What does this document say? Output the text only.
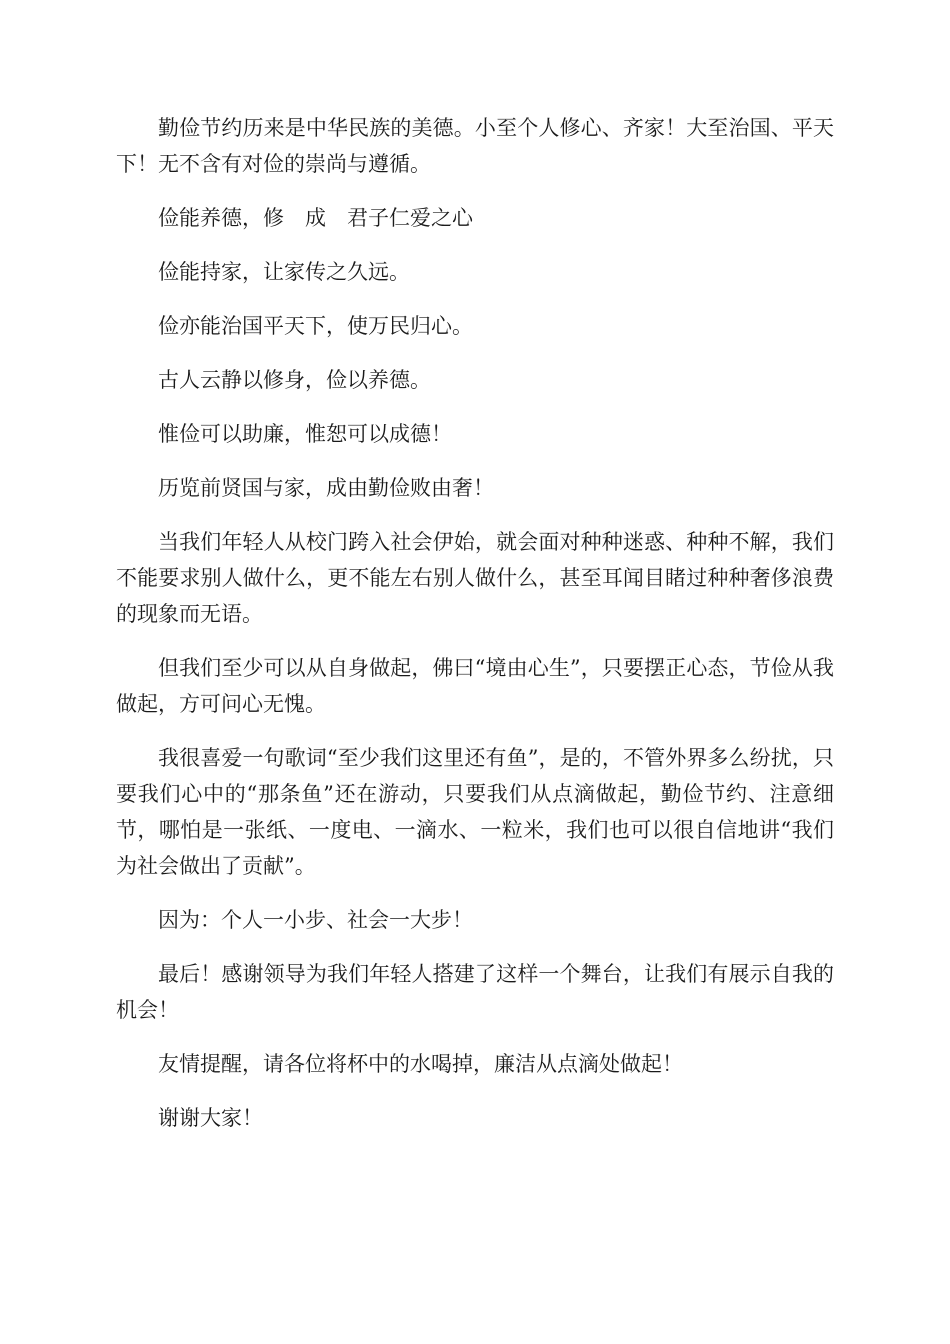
勤俭节约历来是中华民族的美德。小至个人修心、齐家！大至治国、平天下！无不含有对俭的崇尚与遵循。

俭能养德，修　成　君子仁爱之心

俭能持家，让家传之久远。

俭亦能治国平天下，使万民归心。

古人云静以修身，俭以养德。

惟俭可以助廉，惟恕可以成德！

历览前贤国与家，成由勤俭败由奢！

当我们年轻人从校门跨入社会伊始，就会面对种种迷惑、种种不解，我们不能要求别人做什么，更不能左右别人做什么，甚至耳闻目睹过种种奢侈浪费的现象而无语。

但我们至少可以从自身做起，佛曰“境由心生”，只要摆正心态，节俭从我做起，方可问心无愧。

我很喜爱一句歌词“至少我们这里还有鱼”，是的，不管外界多么纷扰，只要我们心中的“那条鱼”还在游动，只要我们从点滴做起，勤俭节约、注意细节，哪怕是一张纸、一度电、一滴水、一粒米，我们也可以很自信地讲“我们为社会做出了贡献”。

因为：个人一小步、社会一大步！

最后！感谢领导为我们年轻人搭建了这样一个舞台，让我们有展示自我的机会！

友情提醒，请各位将杯中的水喝掉，廉洁从点滴处做起！

谢谢大家！
